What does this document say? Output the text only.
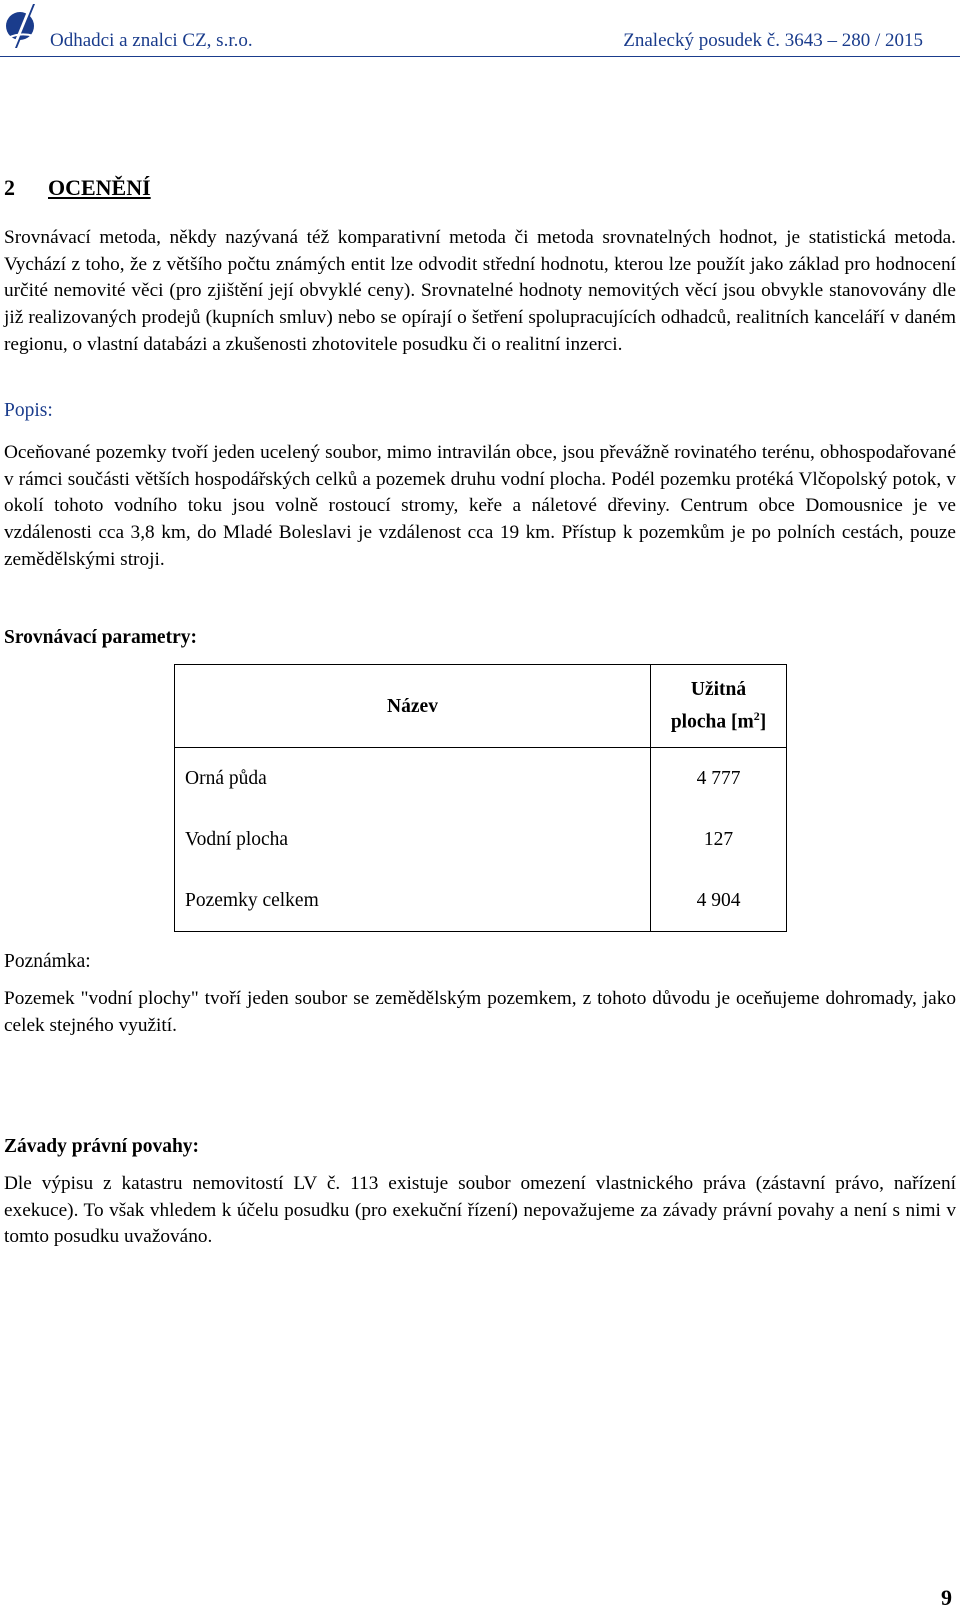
Odhadci a znalci CZ, s.r.o.	Znalecký posudek č. 3643 – 280 / 2015
2 OCENĚNÍ
Srovnávací metoda, někdy nazývaná též komparativní metoda či metoda srovnatelných hodnot, je statistická metoda. Vychází z toho, že z většího počtu známých entit lze odvodit střední hodnotu, kterou lze použít jako základ pro hodnocení určité nemovité věci (pro zjištění její obvyklé ceny). Srovnatelné hodnoty nemovitých věcí jsou obvykle stanovovány dle již realizovaných prodejů (kupních smluv) nebo se opírají o šetření spolupracujících odhadců, realitních kanceláří v daném regionu, o vlastní databázi a zkušenosti zhotovitele posudku či o realitní inzerci.
Popis:
Oceňované pozemky tvoří jeden ucelený soubor, mimo intravilán obce, jsou převážně rovinatého terénu, obhospodařované v rámci součásti větších hospodářských celků a pozemek druhu vodní plocha. Podél pozemku protéká Vlčopolský potok, v okolí tohoto vodního toku jsou volně rostoucí stromy, keře a náletové dřeviny. Centrum obce Domousnice je ve vzdálenosti cca 3,8 km, do Mladé Boleslavi je vzdálenost cca 19 km. Přístup k pozemkům je po polních cestách, pouze zemědělskými stroji.
Srovnávací parametry:
Název	Užitná plocha $[m^2]$
Orná půda	4 777
Vodní plocha	127
Pozemky celkem	4 904
Poznámka:
Pozemek "vodní plochy" tvoří jeden soubor se zemědělským pozemkem, z tohoto důvodu je oceňujeme dohromady, jako celek stejného využití.
Závady právní povahy:
Dle výpisu z katastru nemovitostí LV č. 113 existuje soubor omezení vlastnického práva (zástavní právo, nařízení exekuce). To však vhledem k účelu posudku (pro exekuční řízení) nepovažujeme za závady právní povahy a není s nimi v tomto posudku uvažováno.
9
